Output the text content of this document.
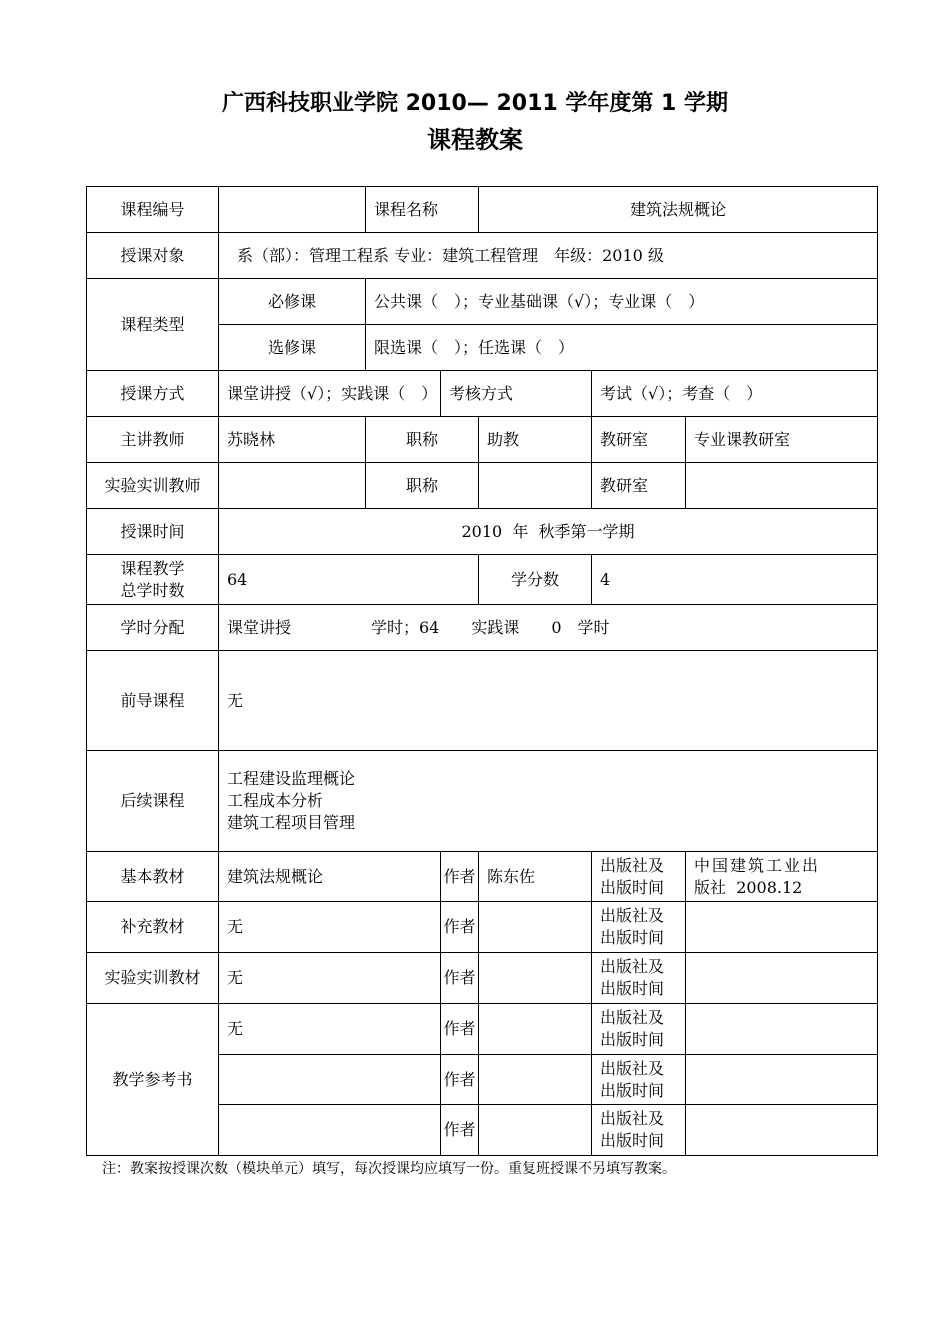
广西科技职业学院 2010— 2011 学年度第 1 学期
课程教案
课程编号		课程名称		建筑法规概论		
授课对象	系（部）：管理工程系 专业：建筑工程管理　年级：2010 级					
课程类型	必修课	公共课（　）；专业基础课（√）；专业课（　）				
	选修课	限选课（　）；任选课（　）				
授课方式	课堂讲授（√）；实践课（　）		考核方式		考试（√）；考查（　）	
主讲教师	苏晓林	职称		助教	教研室	专业课教研室
实验实训教师		职称			教研室	
授课时间	2010  年  秋季第一学期					

课程教学
总学时数	64			学分数	4	
学时分配	课堂讲授　　　　　学时；64　　实践课　　0　学时					
前导课程	无					
后续课程	工程建设监理概论
工程成本分析
建筑工程项目管理					

基本教材	建筑法规概论		作者	陈东佐	出版社及
出版时间	中国建筑工业出
版社  2008.12

补充教材	无		作者		出版社及
出版时间	

实验实训教材	无		作者		出版社及
出版时间	

教学参考书	无		作者		出版社及
出版时间	

			作者		出版社及
出版时间	

			作者		出版社及
出版时间	

注：教案按授课次数（模块单元）填写，每次授课均应填写一份。重复班授课不另填写教案。
